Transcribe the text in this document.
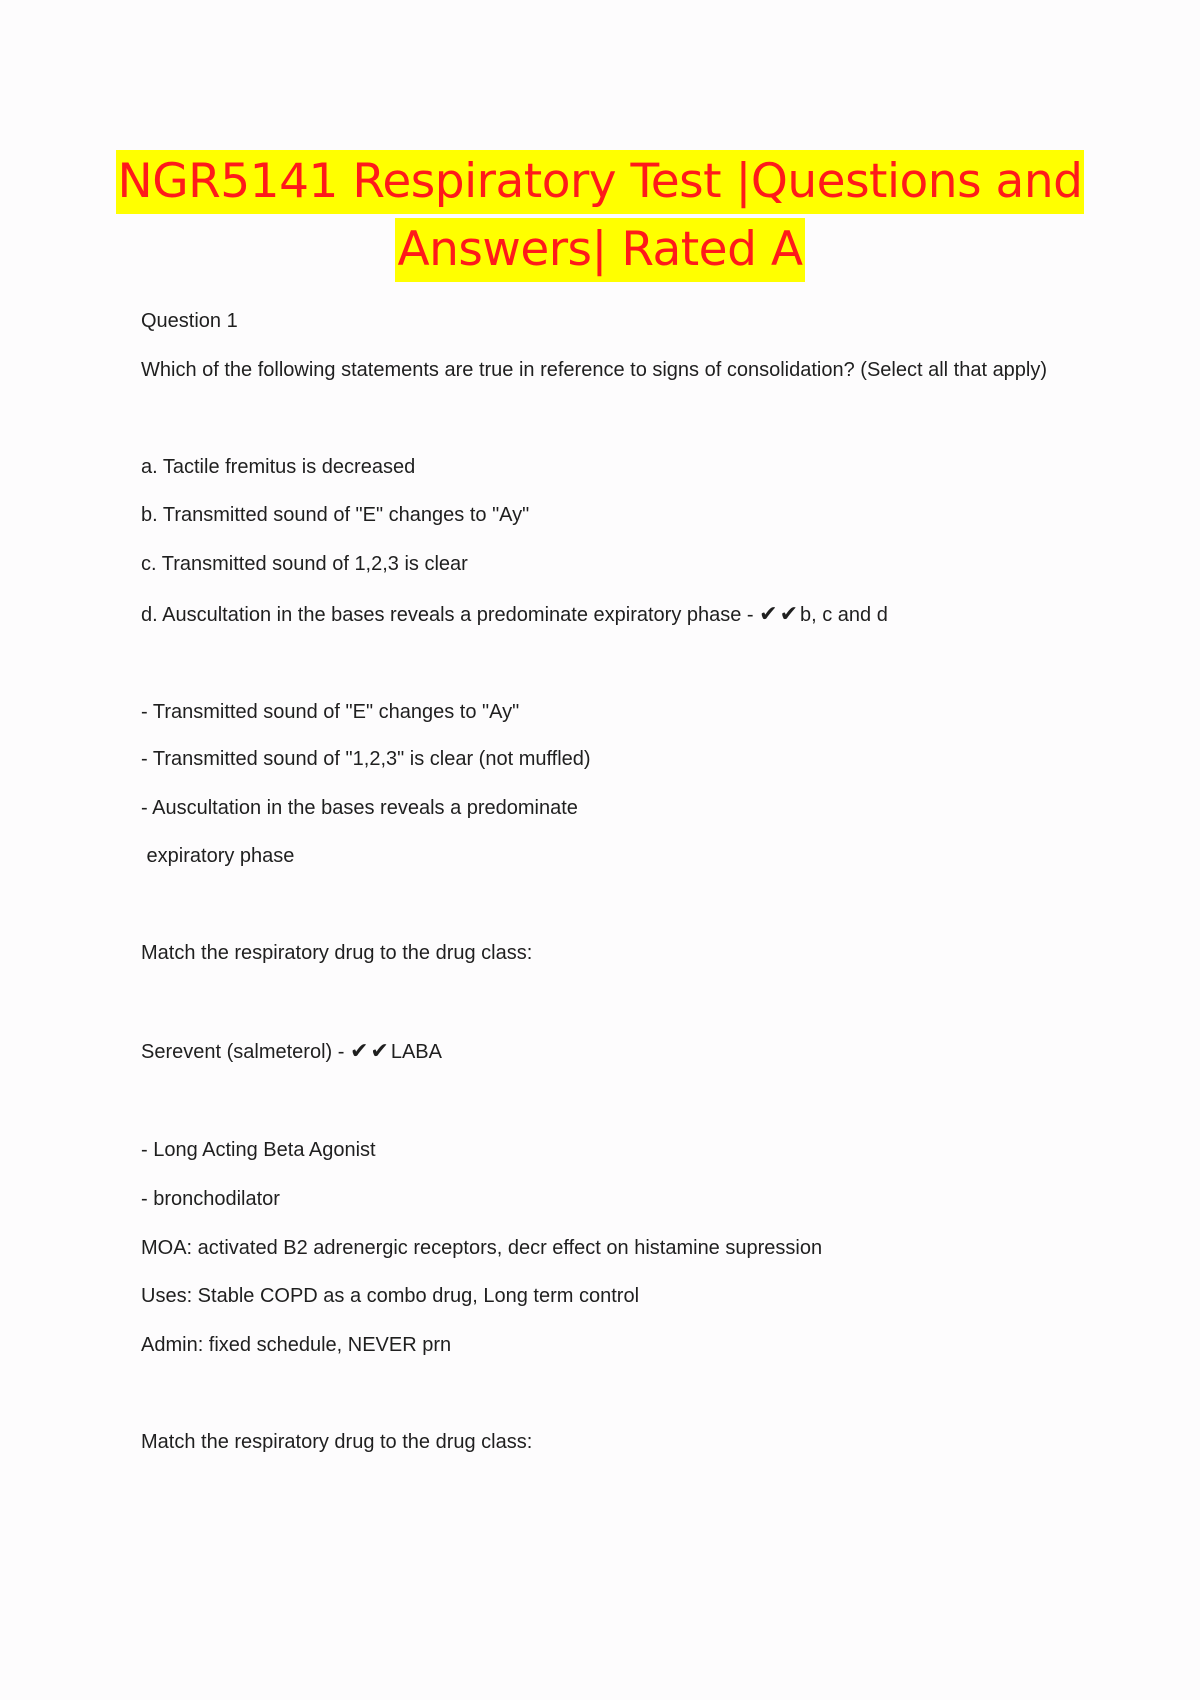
NGR5141 Respiratory Test |Questions and
Answers| Rated A
Question 1
Which of the following statements are true in reference to signs of consolidation? (Select all that apply)
a. Tactile fremitus is decreased
b. Transmitted sound of "E" changes to "Ay"
c. Transmitted sound of 1,2,3 is clear
d. Auscultation in the bases reveals a predominate expiratory phase - ✔✔ b, c and d
- Transmitted sound of "E" changes to "Ay"
- Transmitted sound of "1,2,3" is clear (not muffled)
- Auscultation in the bases reveals a predominate
expiratory phase
Match the respiratory drug to the drug class:
Serevent (salmeterol) - ✔✔ LABA
- Long Acting Beta Agonist
- bronchodilator
MOA: activated B2 adrenergic receptors, decr effect on histamine supression
Uses: Stable COPD as a combo drug, Long term control
Admin: fixed schedule, NEVER prn
Match the respiratory drug to the drug class:
